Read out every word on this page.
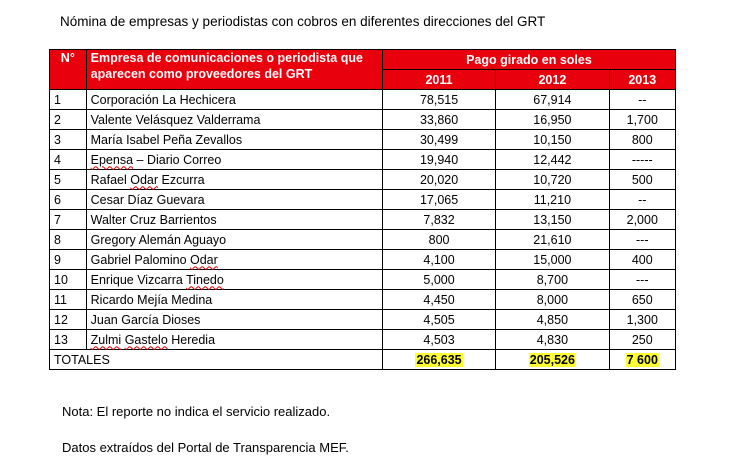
Nómina de empresas y periodistas con cobros en diferentes direcciones del GRT
N°	Empresa de comunicaciones o periodista que aparecen como proveedores del GRT	Pago girado en soles		
		2011	2012	2013
1	Corporación La Hechicera	78,515	67,914	--
2	Valente Velásquez Valderrama	33,860	16,950	1,700
3	María Isabel Peña Zevallos	30,499	10,150	800
4	Epensa – Diario Correo	19,940	12,442	-----
5	Rafael Odar Ezcurra	20,020	10,720	500
6	Cesar Díaz Guevara	17,065	11,210	--
7	Walter Cruz Barrientos	7,832	13,150	2,000
8	Gregory Alemán Aguayo	800	21,610	---
9	Gabriel Palomino Odar	4,100	15,000	400
10	Enrique Vizcarra Tinedo	5,000	8,700	---
11	Ricardo Mejía Medina	4,450	8,000	650
12	Juan García Dioses	4,505	4,850	1,300
13	Zulmi Gastelo Heredia	4,503	4,830	250
TOTALES		266,635	205,526	7 600
Nota: El reporte no indica el servicio realizado.
Datos extraídos del Portal de Transparencia MEF.
